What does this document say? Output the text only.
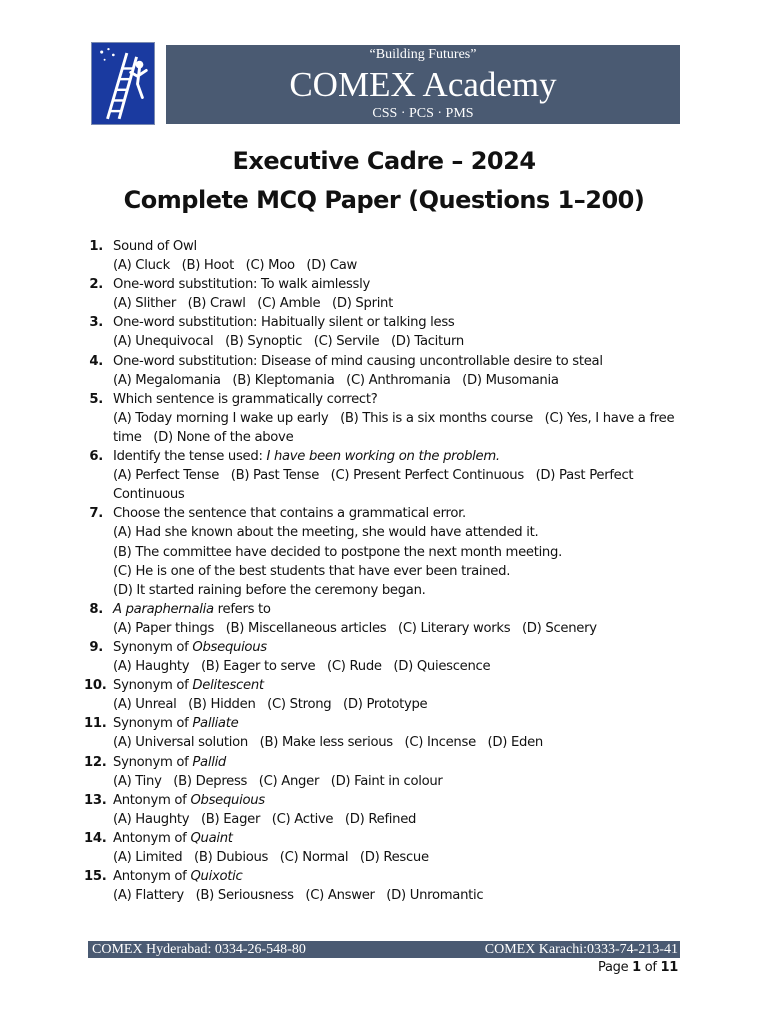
“Building Futures”
COMEX Academy
CSS · PCS · PMS
Executive Cadre – 2024
Complete MCQ Paper (Questions 1–200)
1. Sound of Owl
(A) Cluck   (B) Hoot   (C) Moo   (D) Caw
2. One-word substitution: To walk aimlessly
(A) Slither   (B) Crawl   (C) Amble   (D) Sprint
3. One-word substitution: Habitually silent or talking less
(A) Unequivocal   (B) Synoptic   (C) Servile   (D) Taciturn
4. One-word substitution: Disease of mind causing uncontrollable desire to steal
(A) Megalomania   (B) Kleptomania   (C) Anthromania   (D) Musomania
5. Which sentence is grammatically correct?
(A) Today morning I wake up early   (B) This is a six months course   (C) Yes, I have a free time   (D) None of the above
6. Identify the tense used: I have been working on the problem.
(A) Perfect Tense   (B) Past Tense   (C) Present Perfect Continuous   (D) Past Perfect Continuous
7. Choose the sentence that contains a grammatical error.
(A) Had she known about the meeting, she would have attended it.
(B) The committee have decided to postpone the next month meeting.
(C) He is one of the best students that have ever been trained.
(D) It started raining before the ceremony began.
8. A paraphernalia refers to
(A) Paper things   (B) Miscellaneous articles   (C) Literary works   (D) Scenery
9. Synonym of Obsequious
(A) Haughty   (B) Eager to serve   (C) Rude   (D) Quiescence
10. Synonym of Delitescent
(A) Unreal   (B) Hidden   (C) Strong   (D) Prototype
11. Synonym of Palliate
(A) Universal solution   (B) Make less serious   (C) Incense   (D) Eden
12. Synonym of Pallid
(A) Tiny   (B) Depress   (C) Anger   (D) Faint in colour
13. Antonym of Obsequious
(A) Haughty   (B) Eager   (C) Active   (D) Refined
14. Antonym of Quaint
(A) Limited   (B) Dubious   (C) Normal   (D) Rescue
15. Antonym of Quixotic
(A) Flattery   (B) Seriousness   (C) Answer   (D) Unromantic
COMEX Hyderabad: 0334-26-548-80	COMEX Karachi:0333-74-213-41
Page 1 of 11
